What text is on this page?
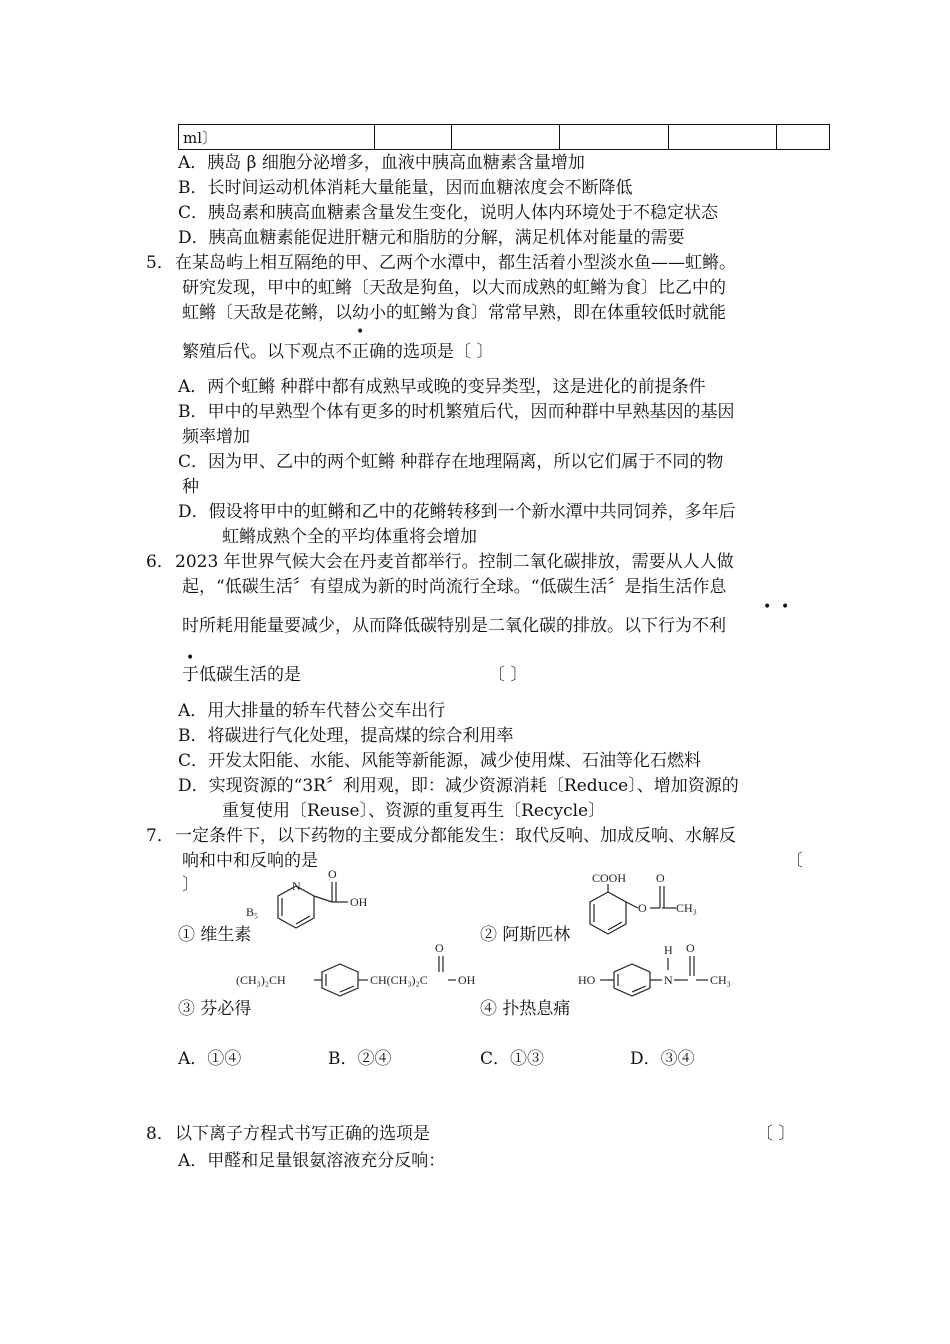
ml〕					
A．胰岛 β 细胞分泌增多，血液中胰高血糖素含量增加
B．长时间运动机体消耗大量能量，因而血糖浓度会不断降低
C．胰岛素和胰高血糖素含量发生变化，说明人体内环境处于不稳定状态
D．胰高血糖素能促进肝糖元和脂肪的分解，满足机体对能量的需要
5． 在某岛屿上相互隔绝的甲、乙两个水潭中，都生活着小型淡水鱼——虹鳉。
研究发现，甲中的虹鳉〔天敌是狗鱼，以大而成熟的虹鳉为食〕比乙中的
虹鳉〔天敌是花鳉，以幼小的虹鳉为食〕常常早熟，即在体重较低时就能
•
繁殖后代。以下观点不正确的选项是〔 〕
A．两个虹鳉 种群中都有成熟早或晚的变异类型，这是进化的前提条件
B．甲中的早熟型个体有更多的时机繁殖后代，因而种群中早熟基因的基因
频率增加
C．因为甲、乙中的两个虹鳉 种群存在地理隔离，所以它们属于不同的物
种
D．假设将甲中的虹鳉和乙中的花鳉转移到一个新水潭中共同饲养，多年后
虹鳉成熟个全的平均体重将会增加
6． 2023 年世界气候大会在丹麦首都举行。控制二氧化碳排放，需要从人人做
起，“低碳生活〞有望成为新的时尚流行全球。“低碳生活〞是指生活作息
• •
时所耗用能量要减少，从而降低碳特别是二氧化碳的排放。以下行为不利
•
于低碳生活的是	〔 〕
A．用大排量的轿车代替公交车出行
B．将碳进行气化处理，提高煤的综合利用率
C．开发太阳能、水能、风能等新能源，减少使用煤、石油等化石燃料
D．实现资源的“3R〞利用观，即：减少资源消耗〔Reduce〕、增加资源的
重复使用〔Reuse〕、资源的重复再生〔Recycle〕
7． 一定条件下，以下药物的主要成分都能发生：取代反响、加成反响、水解反
响和中和反响的是	〔
〕	N
O
OH
B₅
COOH
O
O
CH₃
① 维生素	② 阿斯匹林
(CH₃)₂CH	CH(CH₃)₂C
O
OH	HO	N
H O
CH₃
③ 芬必得	④ 扑热息痛
A．①④	B．②④	C．①③	D．③④
8． 以下离子方程式书写正确的选项是	〔 〕
A．甲醛和足量银氨溶液充分反响：
